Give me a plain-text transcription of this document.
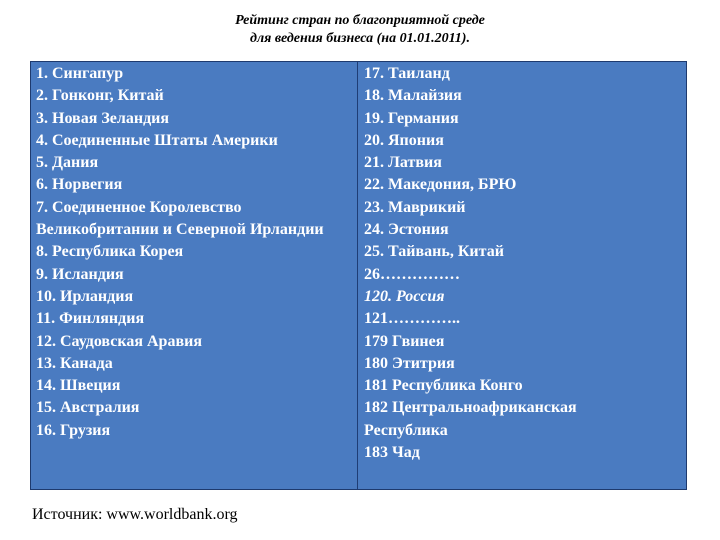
Рейтинг стран по благоприятной среде
для ведения бизнеса (на 01.01.2011).
1. Сингапур
2. Гонконг, Китай
3. Новая Зеландия
4. Соединенные Штаты Америки
5. Дания
6. Норвегия
7. Соединенное Королевство Великобритании и Северной Ирландии
8. Республика Корея
9. Исландия
10. Ирландия
11. Финляндия
12. Саудовская Аравия
13. Канада
14. Швеция
15. Австралия
16. Грузия
17. Таиланд
18. Малайзия
19. Германия
20. Япония
21. Латвия
22. Македония, БРЮ
23. Маврикий
24. Эстония
25. Тайвань, Китай
26……………
120. Россия
121…………..
179 Гвинея
180 Этитрия
181 Республика Конго
182 Центральноафриканская Республика
183 Чад
Источник: www.worldbank.org
